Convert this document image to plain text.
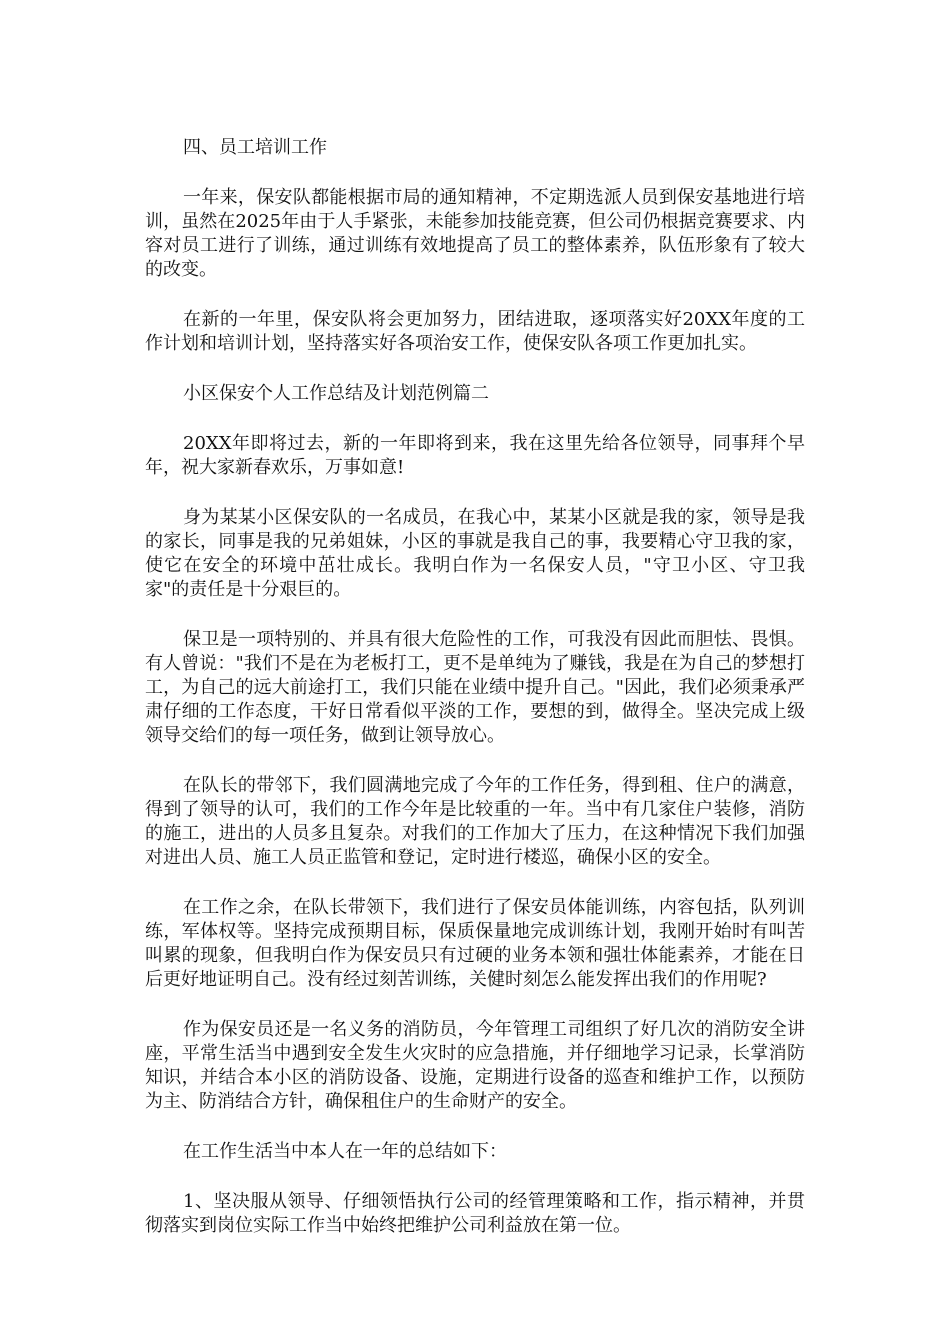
四、员工培训工作

一年来，保安队都能根据市局的通知精神，不定期选派人员到保安基地进行培训，虽然在2025年由于人手紧张，未能参加技能竞赛，但公司仍根据竞赛要求、内容对员工进行了训练，通过训练有效地提高了员工的整体素养，队伍形象有了较大的改变。

在新的一年里，保安队将会更加努力，团结进取，逐项落实好20XX年度的工作计划和培训计划，坚持落实好各项治安工作，使保安队各项工作更加扎实。

小区保安个人工作总结及计划范例篇二

20XX年即将过去，新的一年即将到来，我在这里先给各位领导，同事拜个早年，祝大家新春欢乐，万事如意!

身为某某小区保安队的一名成员，在我心中，某某小区就是我的家，领导是我的家长，同事是我的兄弟姐妹，小区的事就是我自己的事，我要精心守卫我的家，使它在安全的环境中茁壮成长。我明白作为一名保安人员，"守卫小区、守卫我家"的责任是十分艰巨的。

保卫是一项特别的、并具有很大危险性的工作，可我没有因此而胆怯、畏惧。有人曾说："我们不是在为老板打工，更不是单纯为了赚钱，我是在为自己的梦想打工，为自己的远大前途打工，我们只能在业绩中提升自己。"因此，我们必须秉承严肃仔细的工作态度，干好日常看似平淡的工作，要想的到，做得全。坚决完成上级领导交给们的每一项任务，做到让领导放心。

在队长的带邻下，我们圆满地完成了今年的工作任务，得到租、住户的满意，得到了领导的认可，我们的工作今年是比较重的一年。当中有几家住户装修，消防的施工，进出的人员多且复杂。对我们的工作加大了压力，在这种情况下我们加强对进出人员、施工人员正监管和登记，定时进行楼巡，确保小区的安全。

在工作之余，在队长带领下，我们进行了保安员体能训练，内容包括，队列训练，军体权等。坚持完成预期目标，保质保量地完成训练计划，我刚开始时有叫苦叫累的现象，但我明白作为保安员只有过硬的业务本领和强壮体能素养，才能在日后更好地证明自己。没有经过刻苦训练，关健时刻怎么能发挥出我们的作用呢?

作为保安员还是一名义务的消防员，今年管理工司组织了好几次的消防安全讲座，平常生活当中遇到安全发生火灾时的应急措施，并仔细地学习记录，长掌消防知识，并结合本小区的消防设备、设施，定期进行设备的巡查和维护工作，以预防为主、防消结合方针，确保租住户的生命财产的安全。

在工作生活当中本人在一年的总结如下：

1、坚决服从领导、仔细领悟执行公司的经管理策略和工作，指示精神，并贯彻落实到岗位实际工作当中始终把维护公司利益放在第一位。
